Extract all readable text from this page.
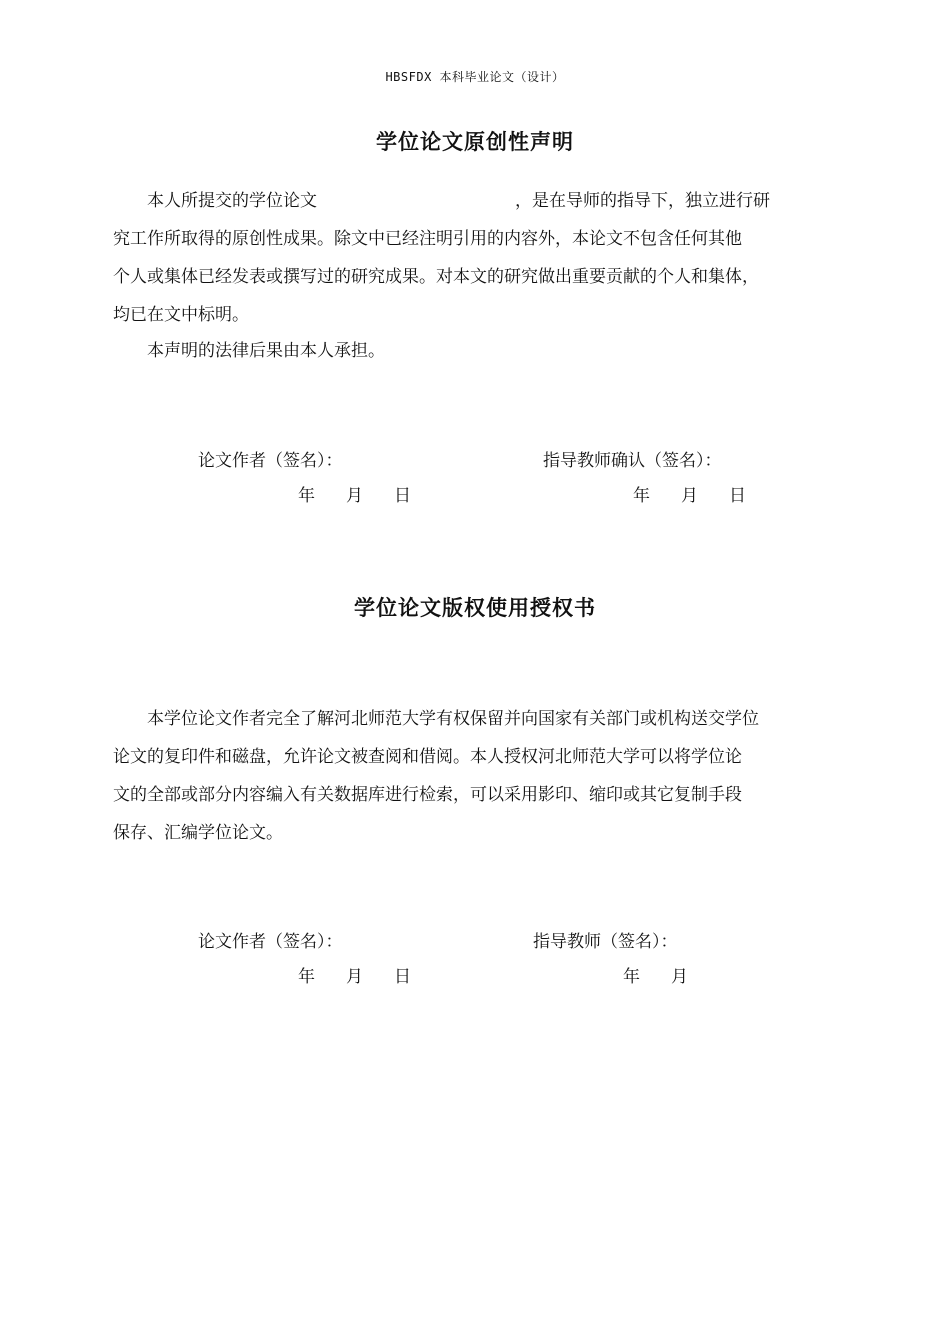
HBSFDX 本科毕业论文（设计）
学位论文原创性声明
本人所提交的学位论文	，是在导师的指导下，独立进行研
究工作所取得的原创性成果。除文中已经注明引用的内容外，本论文不包含任何其他
个人或集体已经发表或撰写过的研究成果。对本文的研究做出重要贡献的个人和集体，
均已在文中标明。
本声明的法律后果由本人承担。
论文作者（签名）：	指导教师确认（签名）：
年 月 日	年 月 日
学位论文版权使用授权书
本学位论文作者完全了解河北师范大学有权保留并向国家有关部门或机构送交学位
论文的复印件和磁盘，允许论文被查阅和借阅。本人授权河北师范大学可以将学位论
文的全部或部分内容编入有关数据库进行检索，可以采用影印、缩印或其它复制手段
保存、汇编学位论文。
论文作者（签名）：	指导教师（签名）：
年 月 日	年 月
